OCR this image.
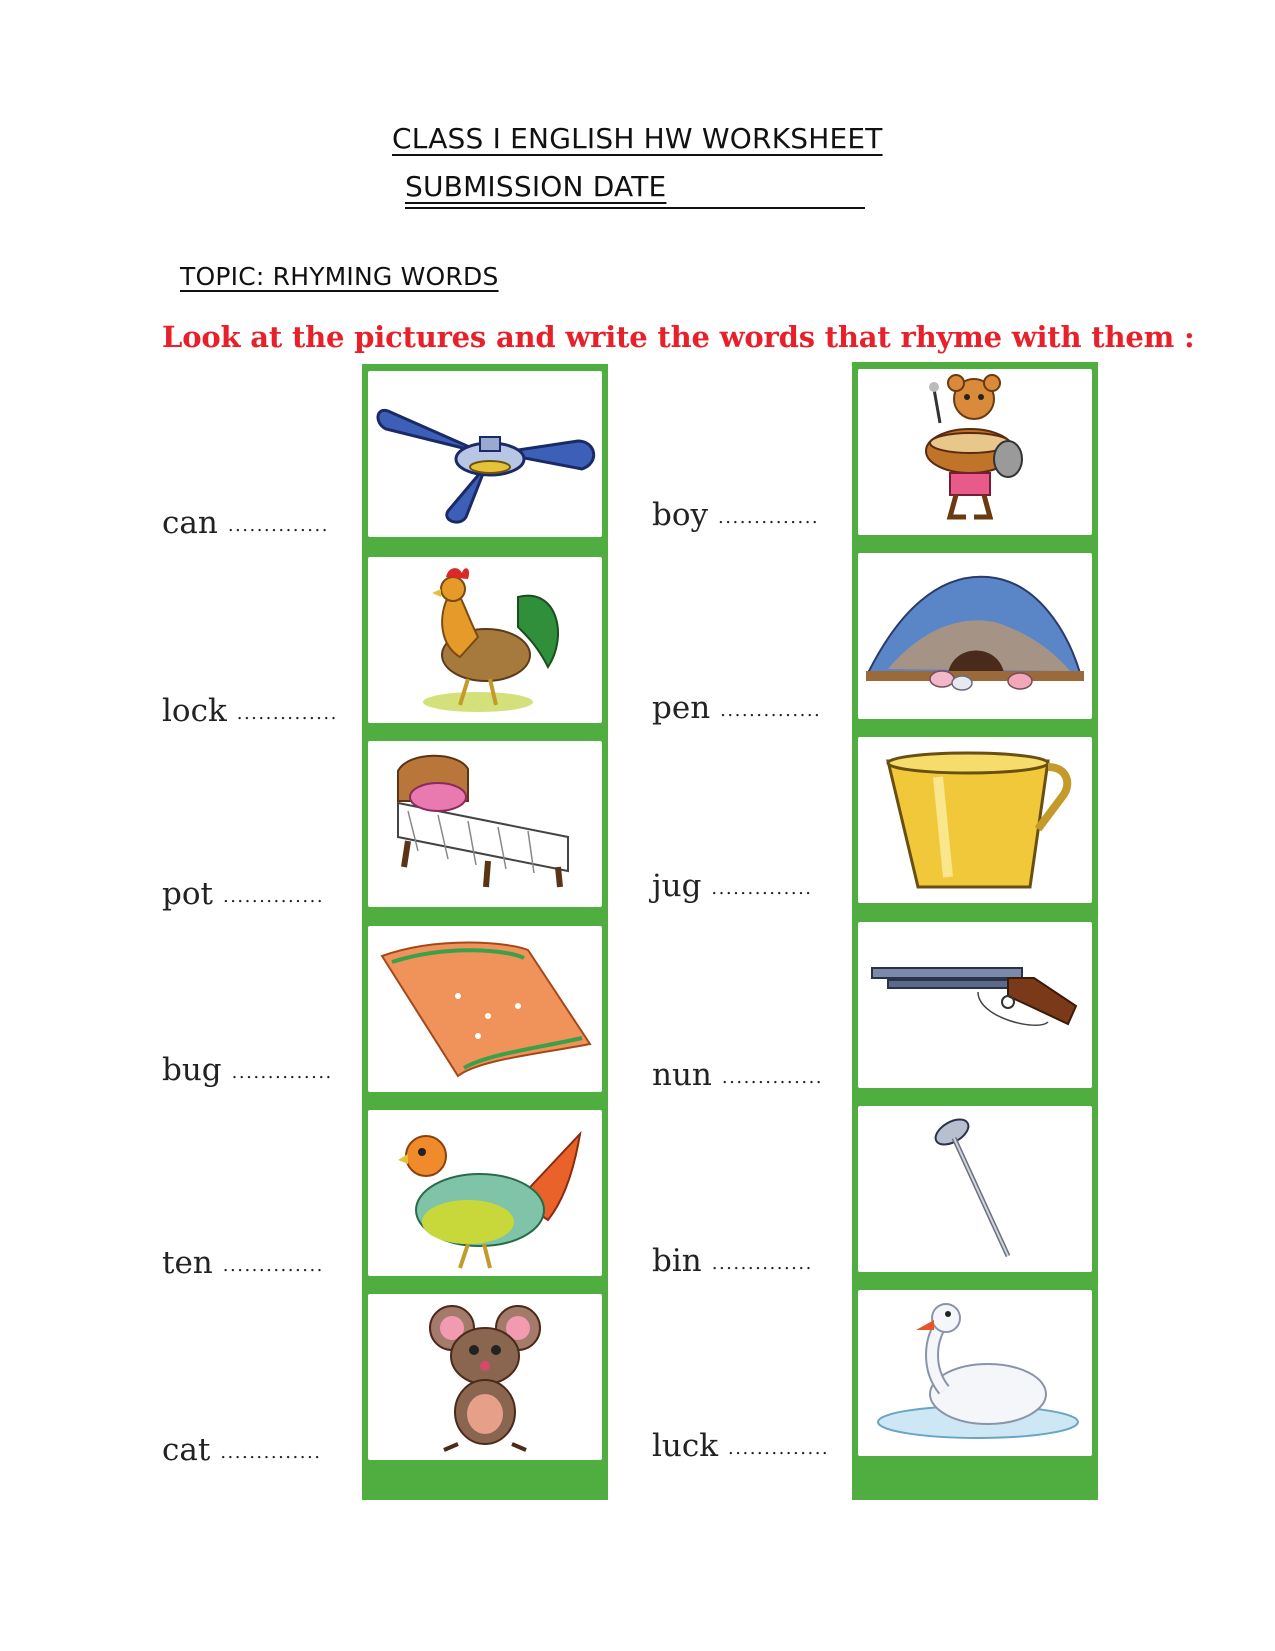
CLASS I ENGLISH HW WORKSHEET
SUBMISSION DATE
TOPIC: RHYMING WORDS
Look at the pictures and write the words that rhyme with them :
can ..............
lock ..............
pot ..............
bug ..............
ten ..............
cat ..............
boy ..............
pen ..............
jug ..............
nun ..............
bin ..............
luck ..............
